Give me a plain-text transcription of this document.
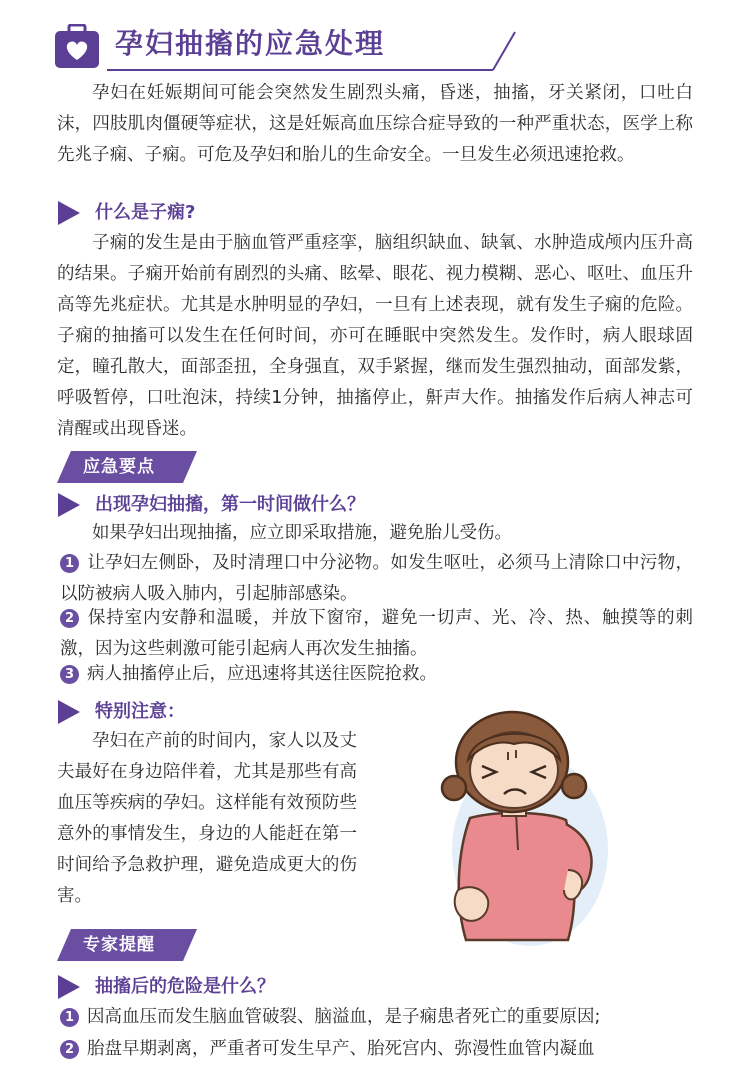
孕妇抽搐的应急处理

孕妇在妊娠期间可能会突然发生剧烈头痛，昏迷，抽搐，牙关紧闭，口吐白沫，四肢肌肉僵硬等症状，这是妊娠高血压综合症导致的一种严重状态，医学上称先兆子痫、子痫。可危及孕妇和胎儿的生命安全。一旦发生必须迅速抢救。

什么是子痫?

子痫的发生是由于脑血管严重痉挛，脑组织缺血、缺氧、水肿造成颅内压升高的结果。子痫开始前有剧烈的头痛、眩晕、眼花、视力模糊、恶心、呕吐、血压升高等先兆症状。尤其是水肿明显的孕妇，一旦有上述表现，就有发生子痫的危险。子痫的抽搐可以发生在任何时间，亦可在睡眠中突然发生。发作时，病人眼球固定，瞳孔散大，面部歪扭，全身强直，双手紧握，继而发生强烈抽动，面部发紫，呼吸暂停，口吐泡沫，持续1分钟，抽搐停止，鼾声大作。抽搐发作后病人神志可清醒或出现昏迷。

应急要点
出现孕妇抽搐，第一时间做什么？

如果孕妇出现抽搐，应立即采取措施，避免胎儿受伤。

1 让孕妇左侧卧，及时清理口中分泌物。如发生呕吐，必须马上清除口中污物，以防被病人吸入肺内，引起肺部感染。

2 保持室内安静和温暖，并放下窗帘，避免一切声、光、冷、热、触摸等的刺激，因为这些刺激可能引起病人再次发生抽搐。

3 病人抽搐停止后，应迅速将其送往医院抢救。

特别注意：

孕妇在产前的时间内，家人以及丈夫最好在身边陪伴着，尤其是那些有高血压等疾病的孕妇。这样能有效预防些意外的事情发生，身边的人能赶在第一时间给予急救护理，避免造成更大的伤害。

专家提醒
抽搐后的危险是什么？

1 因高血压而发生脑血管破裂、脑溢血，是子痫患者死亡的重要原因;

2 胎盘早期剥离，严重者可发生早产、胎死宫内、弥漫性血管内凝血
